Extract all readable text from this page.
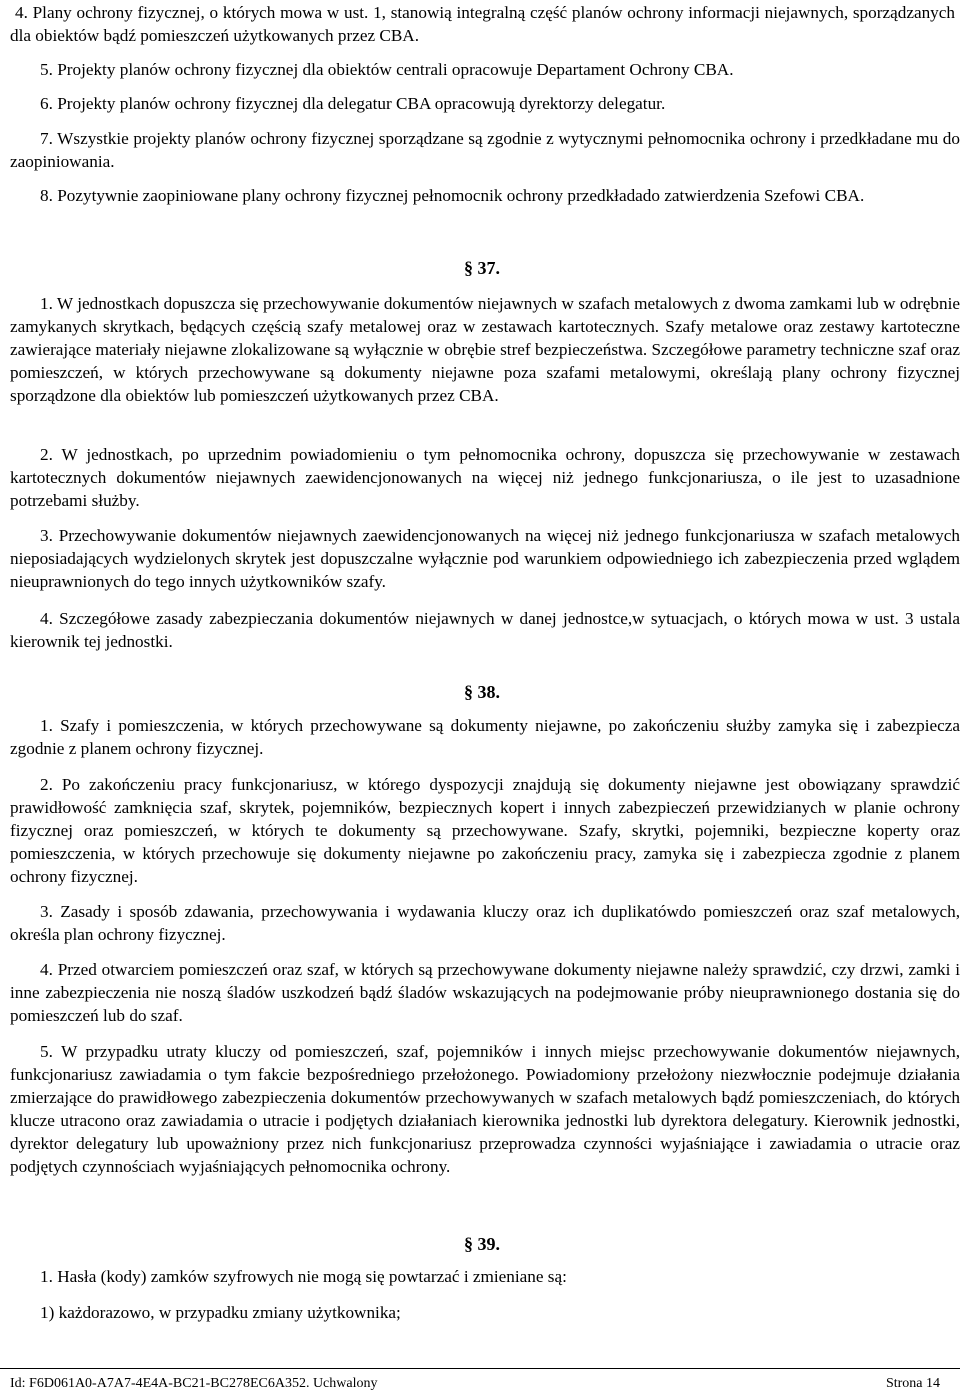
4. Plany ochrony fizycznej, o których mowa w ust. 1, stanowią integralną część planów ochrony informacji niejawnych, sporządzanych dla obiektów bądź pomieszczeń użytkowanych przez CBA.

5. Projekty planów ochrony fizycznej dla obiektów centrali opracowuje Departament Ochrony CBA.

6. Projekty planów ochrony fizycznej dla delegatur CBA opracowują dyrektorzy delegatur.

7. Wszystkie projekty planów ochrony fizycznej sporządzane są zgodnie z wytycznymi pełnomocnika ochrony i przedkładane mu do zaopiniowania.

8. Pozytywnie zaopiniowane plany ochrony fizycznej pełnomocnik ochrony przedkładado zatwierdzenia Szefowi CBA.

§ 37.

1. W jednostkach dopuszcza się przechowywanie dokumentów niejawnych w szafach metalowych z dwoma zamkami lub w odrębnie zamykanych skrytkach, będących częścią szafy metalowej oraz w zestawach kartotecznych. Szafy metalowe oraz zestawy kartoteczne zawierające materiały niejawne zlokalizowane są wyłącznie w obrębie stref bezpieczeństwa. Szczegółowe parametry techniczne szaf oraz pomieszczeń, w których przechowywane są dokumenty niejawne poza szafami metalowymi, określają plany ochrony fizycznej sporządzone dla obiektów lub pomieszczeń użytkowanych przez CBA.

2. W jednostkach, po uprzednim powiadomieniu o tym pełnomocnika ochrony, dopuszcza się przechowywanie w zestawach kartotecznych dokumentów niejawnych zaewidencjonowanych na więcej niż jednego funkcjonariusza, o ile jest to uzasadnione potrzebami służby.

3. Przechowywanie dokumentów niejawnych zaewidencjonowanych na więcej niż jednego funkcjonariusza w szafach metalowych nieposiadających wydzielonych skrytek jest dopuszczalne wyłącznie pod warunkiem odpowiedniego ich zabezpieczenia przed wglądem nieuprawnionych do tego innych użytkowników szafy.

4. Szczegółowe zasady zabezpieczania dokumentów niejawnych w danej jednostce,w sytuacjach, o których mowa w ust. 3 ustala kierownik tej jednostki.

§ 38.

1. Szafy i pomieszczenia, w których przechowywane są dokumenty niejawne, po zakończeniu służby zamyka się i zabezpiecza zgodnie z planem ochrony fizycznej.

2. Po zakończeniu pracy funkcjonariusz, w którego dyspozycji znajdują się dokumenty niejawne jest obowiązany sprawdzić prawidłowość zamknięcia szaf, skrytek, pojemników, bezpiecznych kopert i innych zabezpieczeń przewidzianych w planie ochrony fizycznej oraz pomieszczeń, w których te dokumenty są przechowywane. Szafy, skrytki, pojemniki, bezpieczne koperty oraz pomieszczenia, w których przechowuje się dokumenty niejawne po zakończeniu pracy, zamyka się i zabezpiecza zgodnie z planem ochrony fizycznej.

3. Zasady i sposób zdawania, przechowywania i wydawania kluczy oraz ich duplikatówdo pomieszczeń oraz szaf metalowych, określa plan ochrony fizycznej.

4. Przed otwarciem pomieszczeń oraz szaf, w których są przechowywane dokumenty niejawne należy sprawdzić, czy drzwi, zamki i inne zabezpieczenia nie noszą śladów uszkodzeń bądź śladów wskazujących na podejmowanie próby nieuprawnionego dostania się do pomieszczeń lub do szaf.

5. W przypadku utraty kluczy od pomieszczeń, szaf, pojemników i innych miejsc przechowywanie dokumentów niejawnych, funkcjonariusz zawiadamia o tym fakcie bezpośredniego przełożonego. Powiadomiony przełożony niezwłocznie podejmuje działania zmierzające do prawidłowego zabezpieczenia dokumentów przechowywanych w szafach metalowych bądź pomieszczeniach, do których klucze utracono oraz zawiadamia o utracie i podjętych działaniach kierownika jednostki lub dyrektora delegatury. Kierownik jednostki, dyrektor delegatury lub upoważniony przez nich funkcjonariusz przeprowadza czynności wyjaśniające i zawiadamia o utracie oraz podjętych czynnościach wyjaśniających pełnomocnika ochrony.

§ 39.

1. Hasła (kody) zamków szyfrowych nie mogą się powtarzać i zmieniane są:

1) każdorazowo, w przypadku zmiany użytkownika;

Id: F6D061A0-A7A7-4E4A-BC21-BC278EC6A352. Uchwalony	Strona 14
